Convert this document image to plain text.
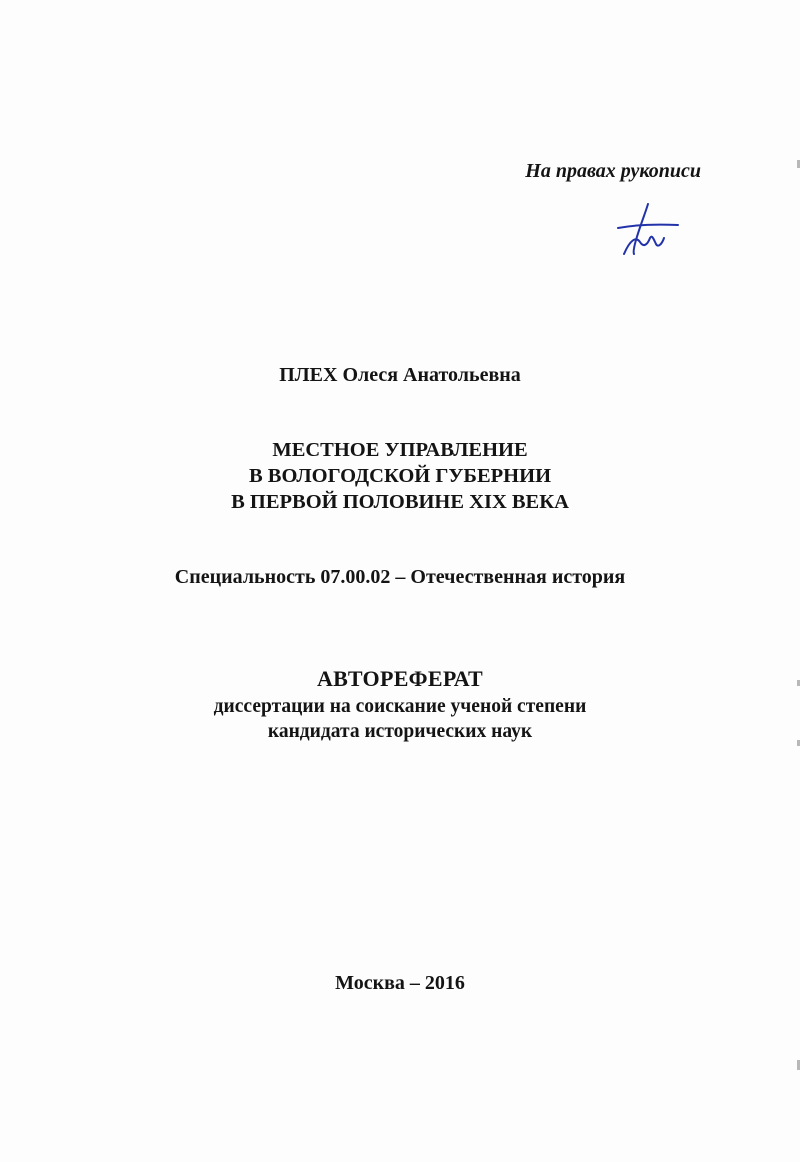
На правах рукописи
ПЛЕХ Олеся Анатольевна
МЕСТНОЕ УПРАВЛЕНИЕ
В ВОЛОГОДСКОЙ ГУБЕРНИИ
В ПЕРВОЙ ПОЛОВИНЕ XIX ВЕКА
Специальность 07.00.02 – Отечественная история
АВТОРЕФЕРАТ
диссертации на соискание ученой степени
кандидата исторических наук
Москва – 2016
